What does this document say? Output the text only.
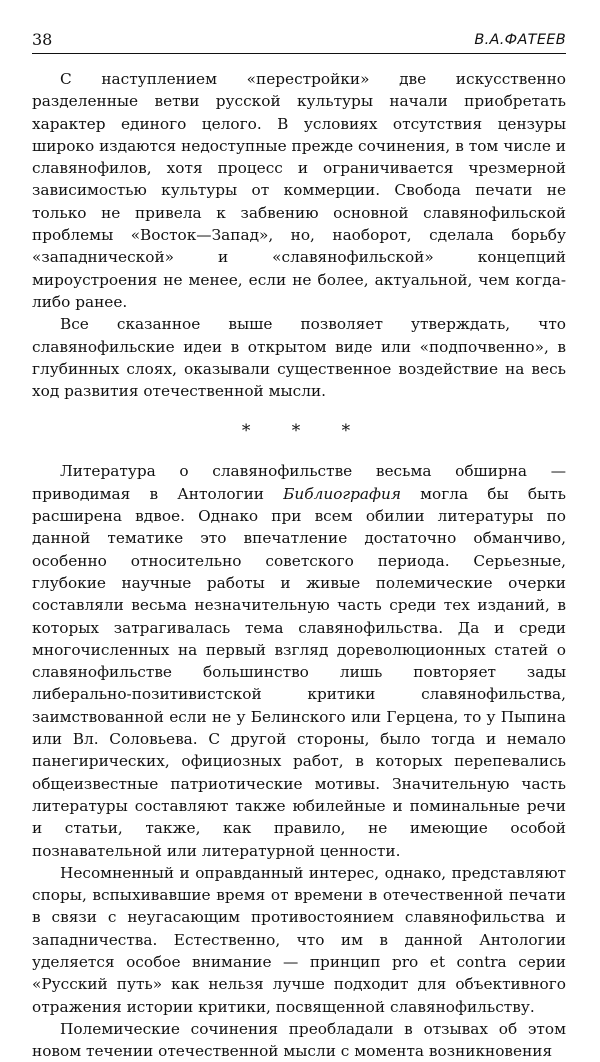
38	В.А.ФАТЕЕВ

С наступлением «перестройки» две искусственно разделенные ветви русской культуры начали приобретать характер единого целого. В условиях отсутствия цензуры широко издаются недоступные прежде сочинения, в том числе и славянофилов, хотя процесс и ограничивается чрезмерной зависимостью культуры от коммерции. Свобода печати не только не привела к забвению основной славянофильской проблемы «Восток—Запад», но, наоборот, сделала борьбу «западнической» и «славянофильской» концепций мироустроения не менее, если не более, актуальной, чем когда-либо ранее.

Все сказанное выше позволяет утверждать, что славянофильские идеи в открытом виде или «подпочвенно», в глубинных слоях, оказывали существенное воздействие на весь ход развития отечественной мысли.

* * *

Литература о славянофильстве весьма обширна — приводимая в Антологии Библиография могла бы быть расширена вдвое. Однако при всем обилии литературы по данной тематике это впечатление достаточно обманчиво, особенно относительно советского периода. Серьезные, глубокие научные работы и живые полемические очерки составляли весьма незначительную часть среди тех изданий, в которых затрагивалась тема славянофильства. Да и среди многочисленных на первый взгляд дореволюционных статей о славянофильстве большинство лишь повторяет зады либерально-позитивистской критики славянофильства, заимствованной если не у Белинского или Герцена, то у Пыпина или Вл. Соловьева. С другой стороны, было тогда и немало панегирических, официозных работ, в которых перепевались общеизвестные патриотические мотивы. Значительную часть литературы составляют также юбилейные и поминальные речи и статьи, также, как правило, не имеющие особой познавательной или литературной ценности.

Несомненный и оправданный интерес, однако, представляют споры, вспыхивавшие время от времени в отечественной печати в связи с неугасающим противостоянием славянофильства и западничества. Естественно, что им в данной Антологии уделяется особое внимание — принцип pro et contra серии «Русский путь» как нельзя лучше подходит для объективного отражения истории критики, посвященной славянофильству.

Полемические сочинения преобладали в отзывах об этом новом течении отечественной мысли с момента возникновения
